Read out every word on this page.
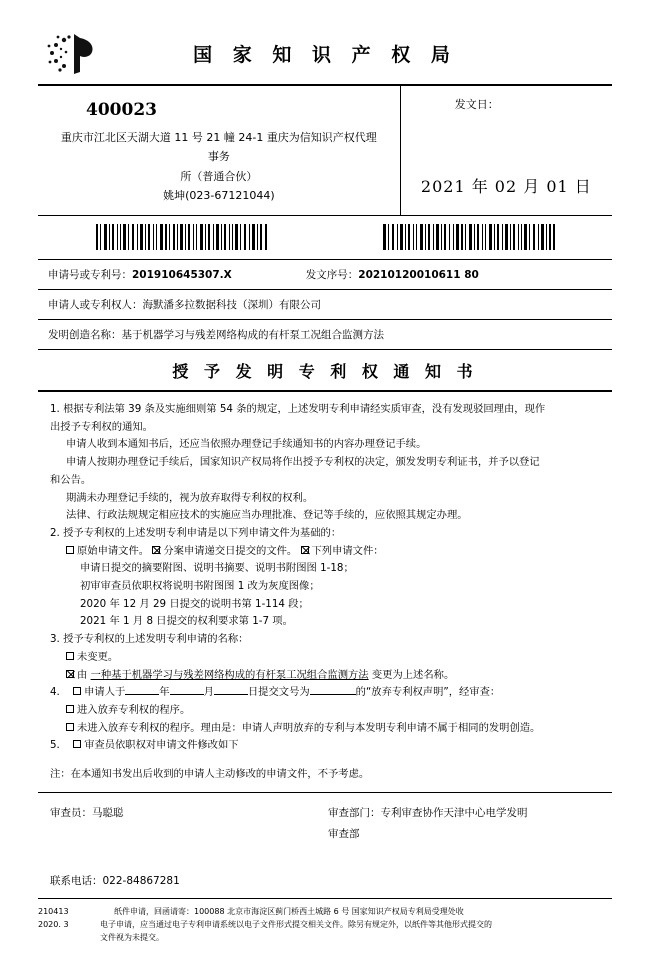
国 家 知 识 产 权 局
400023
重庆市江北区天湖大道 11 号 21 幢 24-1 重庆为信知识产权代理事务
所（普通合伙）
姚坤(023-67121044)
发文日：
2021 年 02 月 01 日
申请号或专利号： 201910645307.X	发文序号： 20210120010611 80
申请人或专利权人： 海默潘多拉数据科技（深圳）有限公司
发明创造名称： 基于机器学习与残差网络构成的有杆泵工况组合监测方法
授 予 发 明 专 利 权 通 知 书

1. 根据专利法第 39 条及实施细则第 54 条的规定，上述发明专利申请经实质审查，没有发现驳回理由，现作

出授予专利权的通知。

申请人收到本通知书后，还应当依照办理登记手续通知书的内容办理登记手续。

申请人按期办理登记手续后，国家知识产权局将作出授予专利权的决定，颁发发明专利证书，并予以登记

和公告。

期满未办理登记手续的，视为放弃取得专利权的权利。

法律、行政法规规定相应技术的实施应当办理批准、登记等手续的，应依照其规定办理。

2. 授予专利权的上述发明专利申请是以下列申请文件为基础的：

原始申请文件。 分案申请递交日提交的文件。 下列申请文件：

申请日提交的摘要附图、说明书摘要、说明书附图图 1-18；

初审审查员依职权将说明书附图图 1 改为灰度图像；

2020 年 12 月 29 日提交的说明书第 1-114 段；

2021 年 1 月 8 日提交的权利要求第 1-7 项。

3. 授予专利权的上述发明专利申请的名称：

未变更。

由 一种基于机器学习与残差网络构成的有杆泵工况组合监测方法 变更为上述名称。

4. 申请人于	年	月	日提交文号为	的“放弃专利权声明”，经审查：

进入放弃专利权的程序。

未进入放弃专利权的程序。理由是：申请人声明放弃的专利与本发明专利申请不属于相同的发明创造。

5. 审查员依职权对申请文件修改如下

注：在本通知书发出后收到的申请人主动修改的申请文件，不予考虑。
审查员：马聪聪	审查部门：专利审查协作天津中心电学发明
审查部
联系电话：022-84867281
210413
2020. 3
纸件申请，回函请寄：100088 北京市海淀区蓟门桥西土城路 6 号 国家知识产权局专利局受理处收
电子申请，应当通过电子专利申请系统以电子文件形式提交相关文件。除另有规定外，以纸件等其他形式提交的
文件视为未提交。
